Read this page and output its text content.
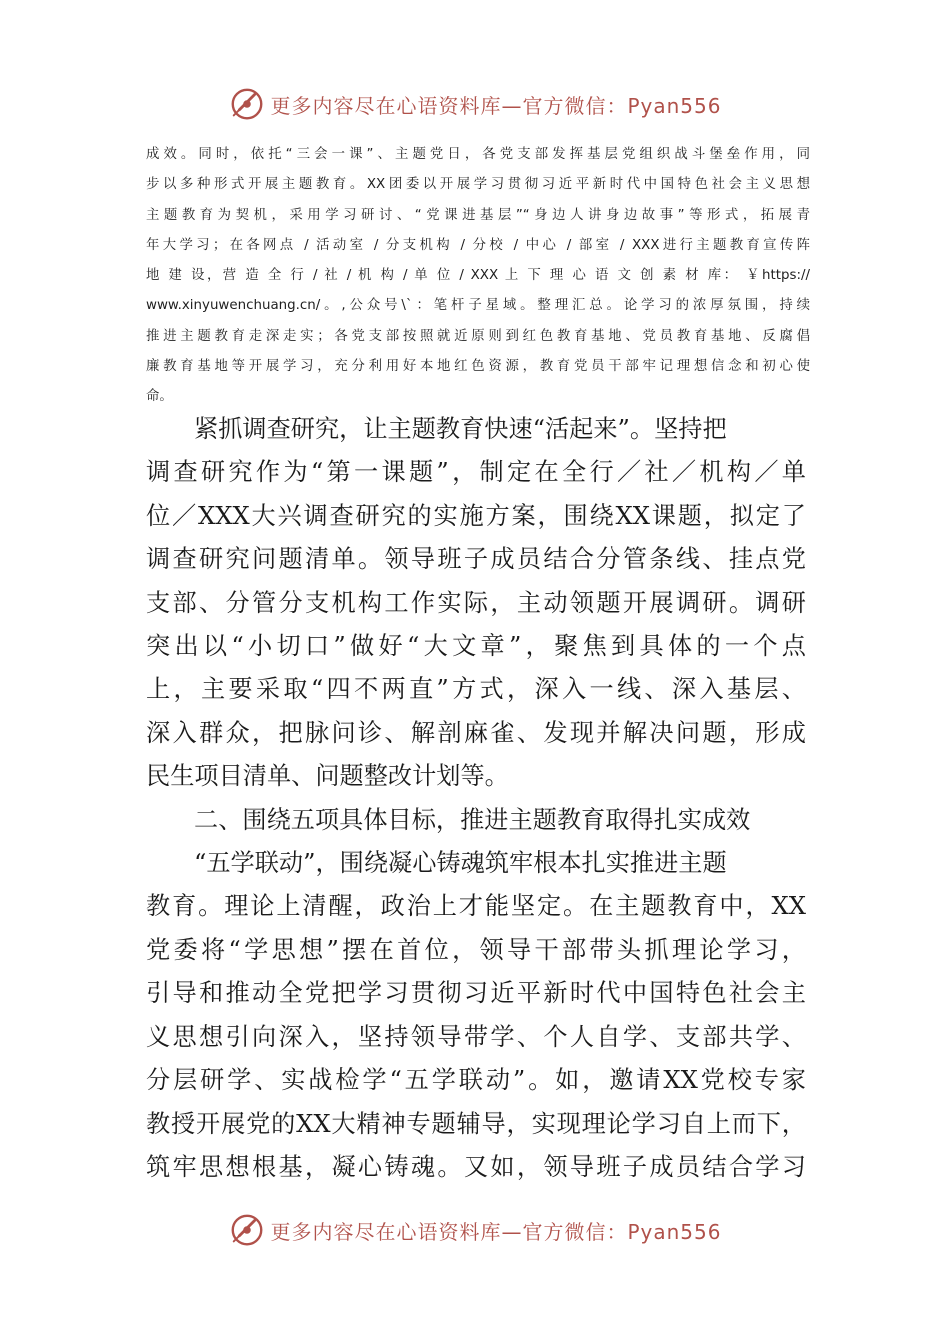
更多内容尽在心语资料库—官方微信：Pyan556
成效。同时，依托“三会一课”、主题党日，各党支部发挥基层党组织战斗堡垒作用，同
步以多种形式开展主题教育。XX团委以开展学习贯彻习近平新时代中国特色社会主义思想
主题教育为契机，采用学习研讨、“党课进基层”“身边人讲身边故事”等形式，拓展青
年大学习；在各网点 / 活动室 / 分支机构 / 分校 / 中心 / 部室 / XXX进行主题教育宣传阵
地 建 设，营 造 全 行 / 社 / 机 构 / 单 位 / XXX 上 下 理 心 语 文 创 素 材 库： ￥https://
www.xinyuwenchuang.cn/。,公众号\`：笔杆子星域。整理汇总。论学习的浓厚氛围，持续
推进主题教育走深走实；各党支部按照就近原则到红色教育基地、党员教育基地、反腐倡
廉教育基地等开展学习，充分利用好本地红色资源，教育党员干部牢记理想信念和初心使
命。
紧抓调查研究，让主题教育快速“活起来”。坚持把
调查研究作为“第一课题”，制定在全行／社／机构／单
位／XXX大兴调查研究的实施方案，围绕XX课题，拟定了
调查研究问题清单。领导班子成员结合分管条线、挂点党
支部、分管分支机构工作实际，主动领题开展调研。调研
突出以“小切口”做好“大文章”，聚焦到具体的一个点
上，主要采取“四不两直”方式，深入一线、深入基层、
深入群众，把脉问诊、解剖麻雀、发现并解决问题，形成
民生项目清单、问题整改计划等。
二、围绕五项具体目标，推进主题教育取得扎实成效
“五学联动”，围绕凝心铸魂筑牢根本扎实推进主题
教育。理论上清醒，政治上才能坚定。在主题教育中，XX
党委将“学思想”摆在首位，领导干部带头抓理论学习，
引导和推动全党把学习贯彻习近平新时代中国特色社会主
义思想引向深入，坚持领导带学、个人自学、支部共学、
分层研学、实战检学“五学联动”。如，邀请XX党校专家
教授开展党的XX大精神专题辅导，实现理论学习自上而下，
筑牢思想根基，凝心铸魂。又如，领导班子成员结合学习
更多内容尽在心语资料库—官方微信：Pyan556
